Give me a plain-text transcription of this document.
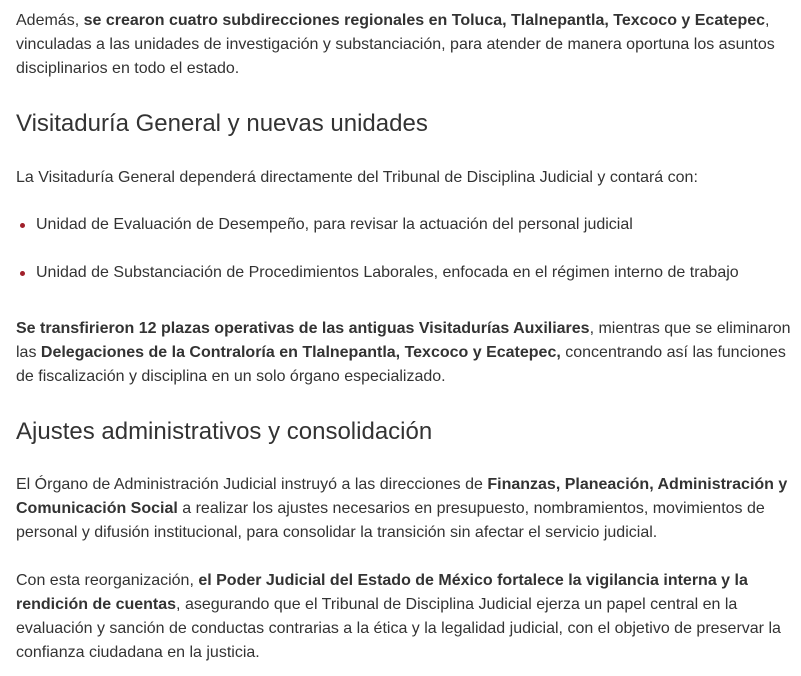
Además, se crearon cuatro subdirecciones regionales en Toluca, Tlalnepantla, Texcoco y Ecatepec, vinculadas a las unidades de investigación y substanciación, para atender de manera oportuna los asuntos disciplinarios en todo el estado.

Visitaduría General y nuevas unidades

La Visitaduría General dependerá directamente del Tribunal de Disciplina Judicial y contará con:

Unidad de Evaluación de Desempeño, para revisar la actuación del personal judicial
Unidad de Substanciación de Procedimientos Laborales, enfocada en el régimen interno de trabajo

Se transfirieron 12 plazas operativas de las antiguas Visitadurías Auxiliares, mientras que se eliminaron las Delegaciones de la Contraloría en Tlalnepantla, Texcoco y Ecatepec, concentrando así las funciones de fiscalización y disciplina en un solo órgano especializado.

Ajustes administrativos y consolidación

El Órgano de Administración Judicial instruyó a las direcciones de Finanzas, Planeación, Administración y Comunicación Social a realizar los ajustes necesarios en presupuesto, nombramientos, movimientos de personal y difusión institucional, para consolidar la transición sin afectar el servicio judicial.

Con esta reorganización, el Poder Judicial del Estado de México fortalece la vigilancia interna y la rendición de cuentas, asegurando que el Tribunal de Disciplina Judicial ejerza un papel central en la evaluación y sanción de conductas contrarias a la ética y la legalidad judicial, con el objetivo de preservar la confianza ciudadana en la justicia.
